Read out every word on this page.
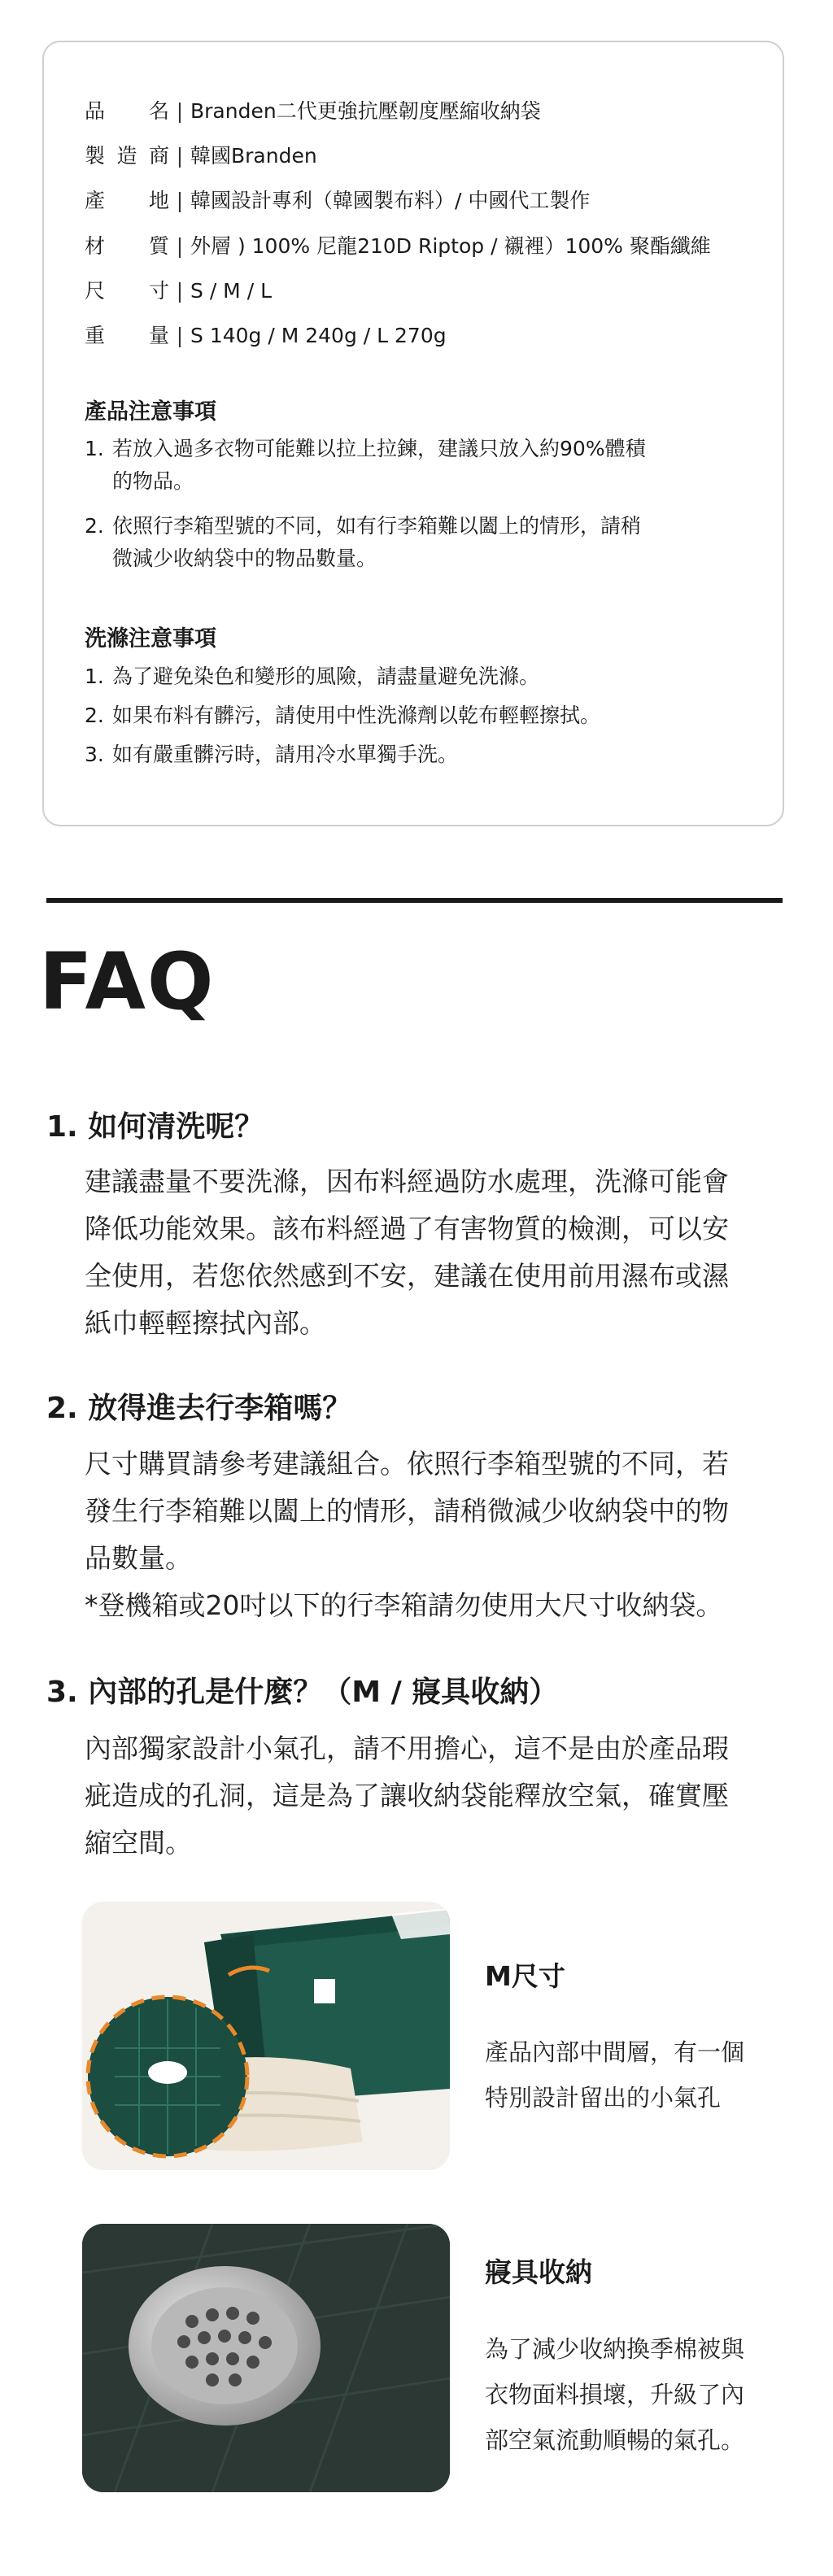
品 名 | Branden二代更強抗壓韌度壓縮收納袋
製 造 商 | 韓國Branden
產 地 | 韓國設計專利（韓國製布料）/ 中國代工製作
材 質 | 外層 ) 100% 尼龍210D Riptop / 襯裡）100% 聚酯纖維
尺 寸 | S / M / L
重 量 | S 140g / M 240g / L 270g
產品注意事項
1. 若放入過多衣物可能難以拉上拉鍊，建議只放入約90%體積
的物品。
2. 依照行李箱型號的不同，如有行李箱難以闔上的情形，請稍
微減少收納袋中的物品數量。
洗滌注意事項
1. 為了避免染色和變形的風險，請盡量避免洗滌。
2. 如果布料有髒污，請使用中性洗滌劑以乾布輕輕擦拭。
3. 如有嚴重髒污時，請用冷水單獨手洗。
FAQ
1. 如何清洗呢？
建議盡量不要洗滌，因布料經過防水處理，洗滌可能會
降低功能效果。該布料經過了有害物質的檢測，可以安
全使用，若您依然感到不安，建議在使用前用濕布或濕
紙巾輕輕擦拭內部。
2. 放得進去行李箱嗎？
尺寸購買請參考建議組合。依照行李箱型號的不同，若
發生行李箱難以闔上的情形，請稍微減少收納袋中的物
品數量。
*登機箱或20吋以下的行李箱請勿使用大尺寸收納袋。
3. 內部的孔是什麼？（M / 寢具收納）
內部獨家設計小氣孔，請不用擔心，這不是由於產品瑕
疵造成的孔洞，這是為了讓收納袋能釋放空氣，確實壓
縮空間。
M尺寸
產品內部中間層，有一個
特別設計留出的小氣孔
寢具收納
為了減少收納換季棉被與
衣物面料損壞，升級了內
部空氣流動順暢的氣孔。
